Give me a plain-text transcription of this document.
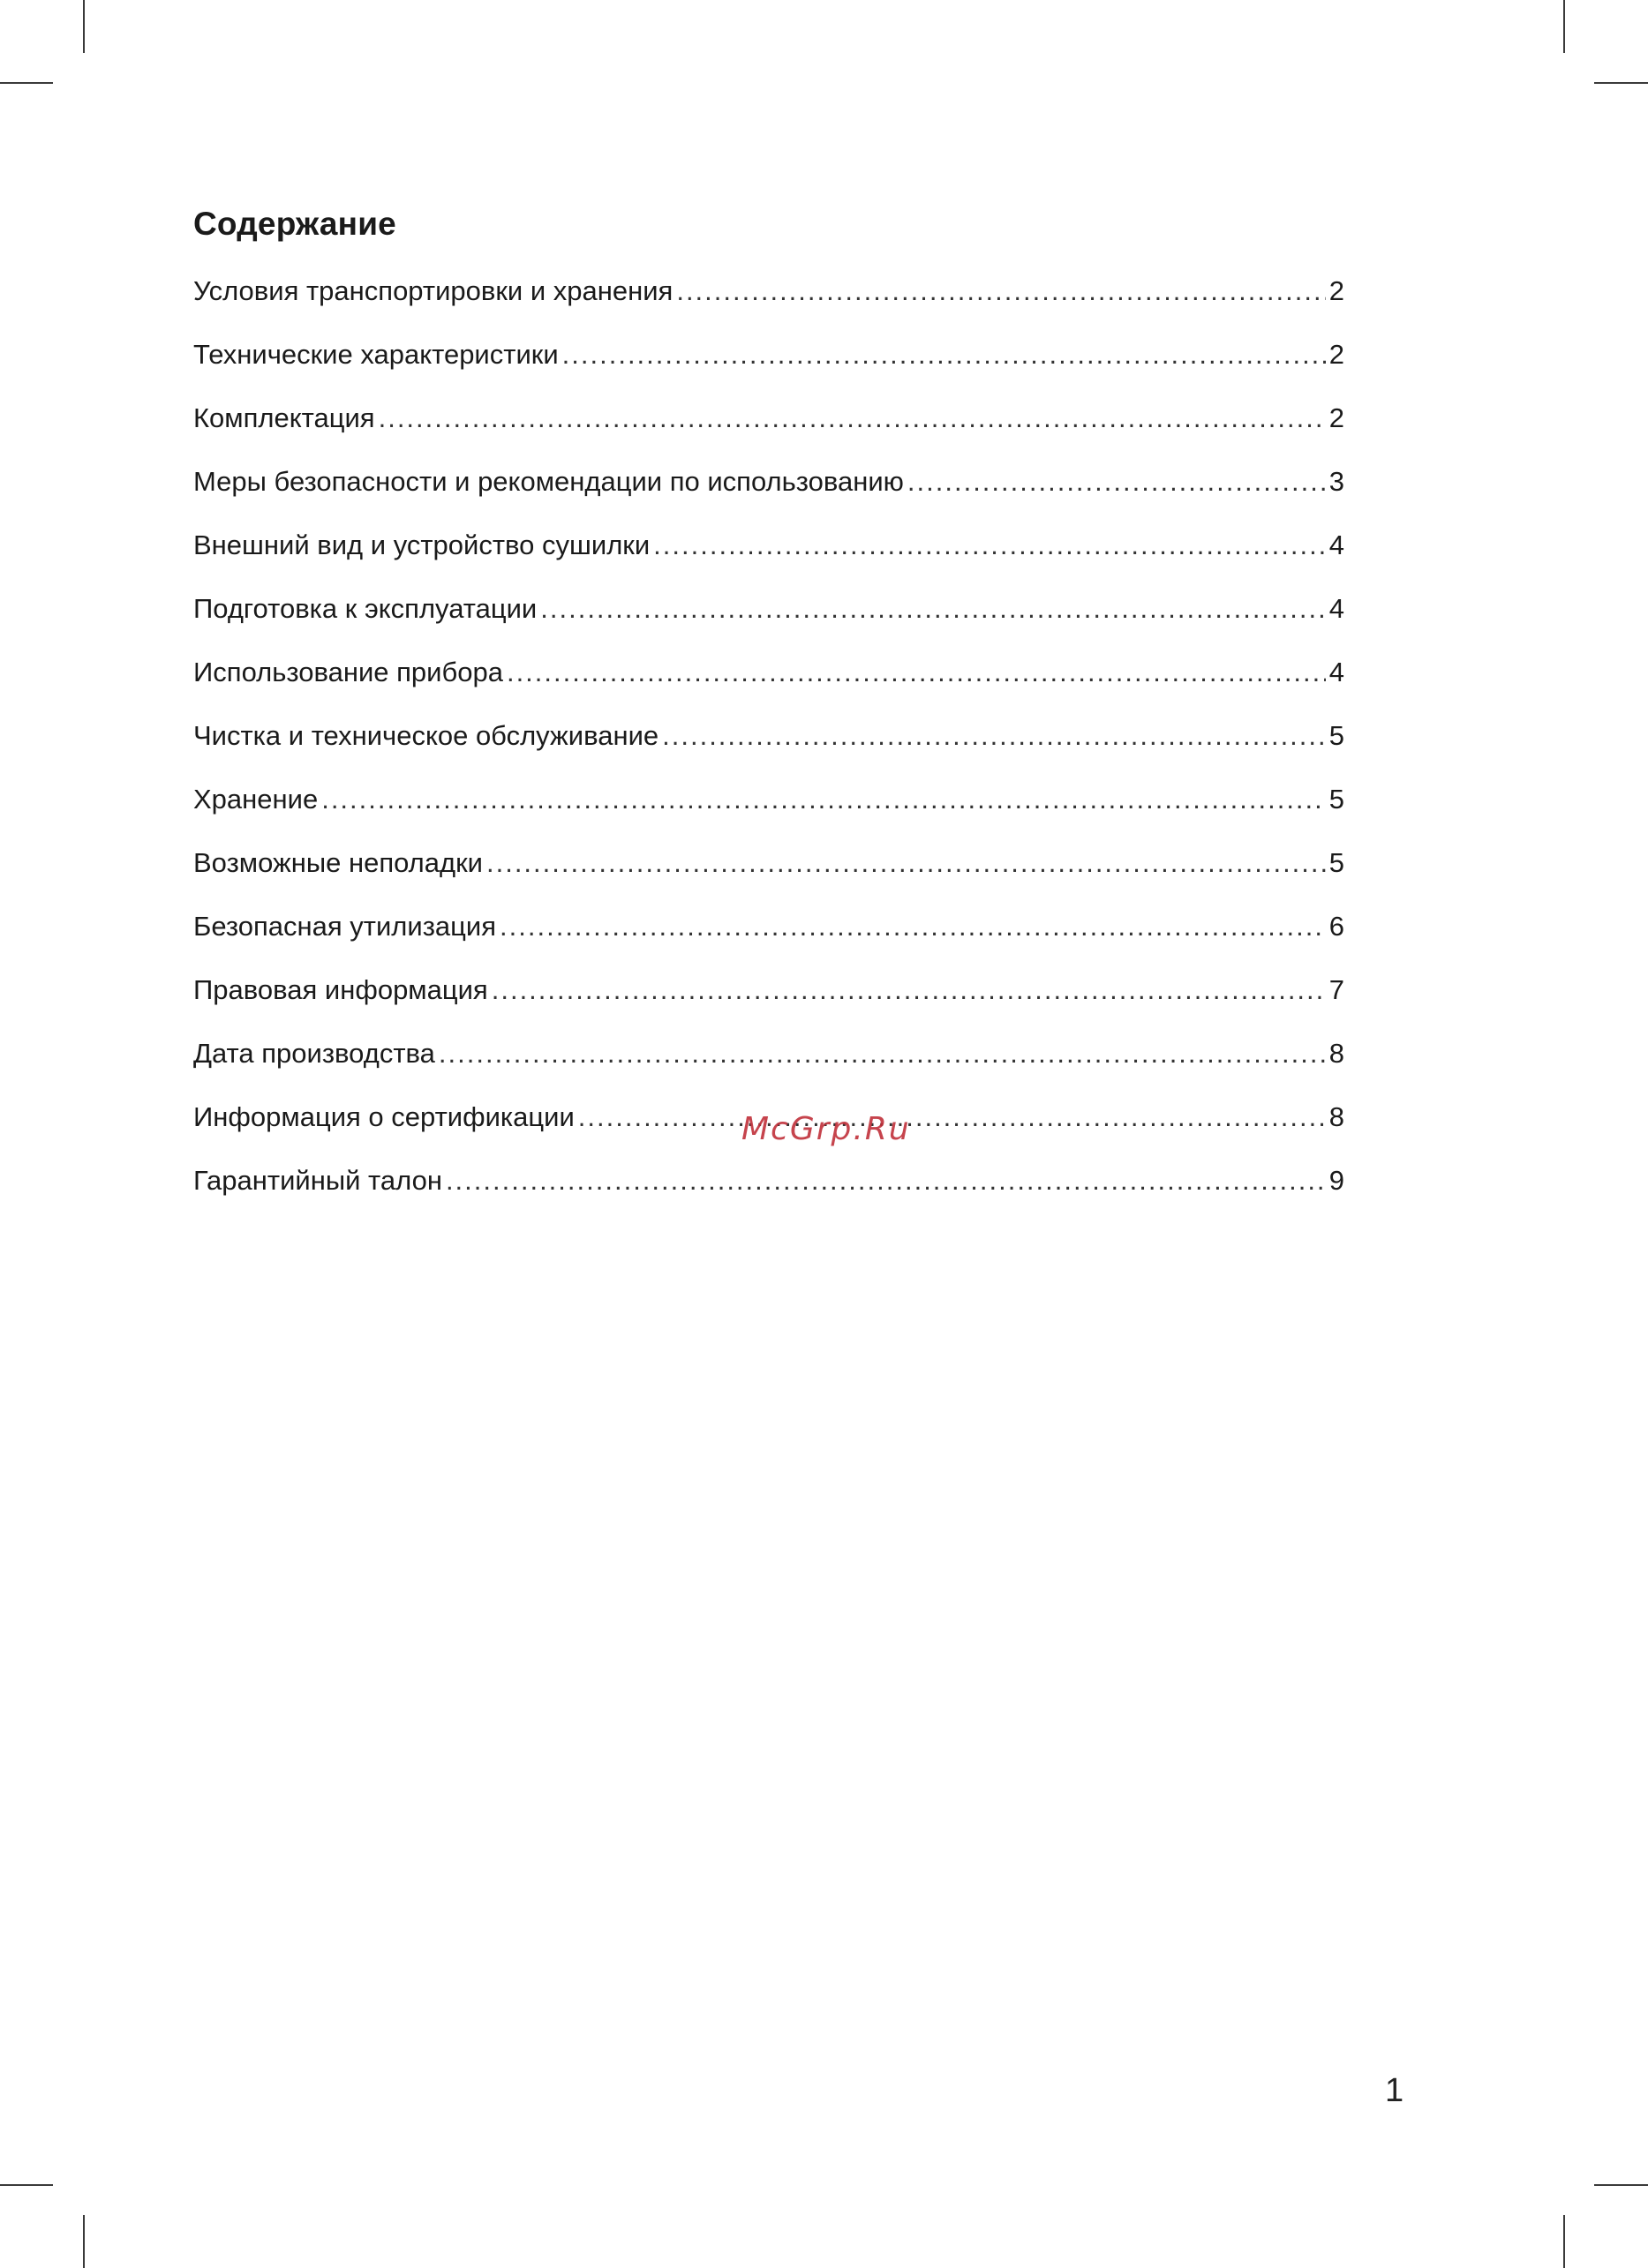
Содержание
Условия транспортировки и хранения .....	2
Технические характеристики .....	2
Комплектация .....	2
Меры безопасности и рекомендации по использованию .....	3
Внешний вид и устройство сушилки .....	4
Подготовка к эксплуатации .....	4
Использование прибора .....	4
Чистка и техническое обслуживание .....	5
Хранение .....	5
Возможные неполадки .....	5
Безопасная утилизация .....	6
Правовая информация .....	7
Дата производства .....	8
Информация о сертификации .....	8
Гарантийный талон .....	9
McGrp.Ru
1
